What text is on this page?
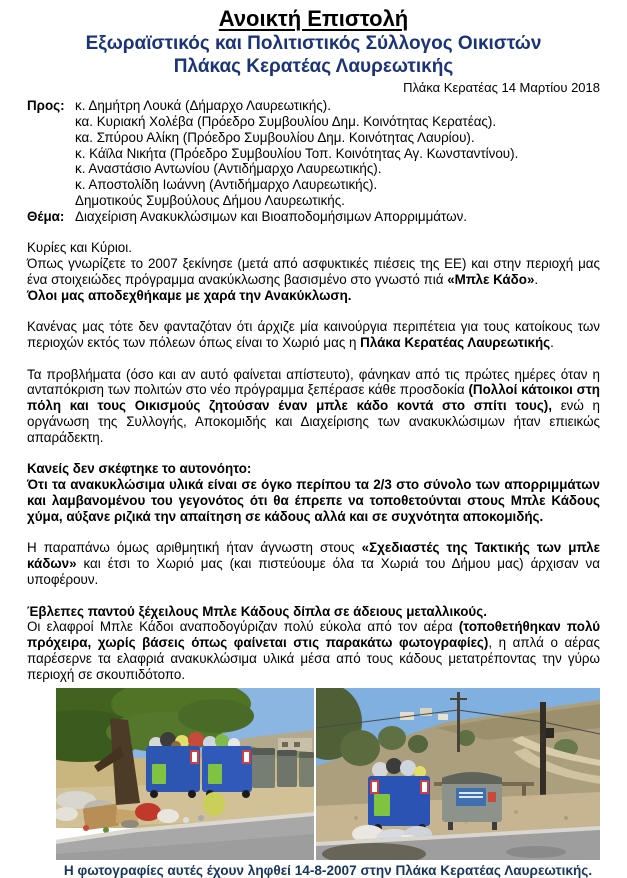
Ανοικτή Επιστολή
Εξωραϊστικός και Πολιτιστικός Σύλλογος Οικιστών
Πλάκας Κερατέας Λαυρεωτικής
Πλάκα Κερατέας 14 Μαρτίου 2018
Προς: κ. Δημήτρη Λουκά (Δήμαρχο Λαυρεωτικής).
κα. Κυριακή Χολέβα (Πρόεδρο Συμβουλίου Δημ. Κοινότητας Κερατέας).
κα. Σπύρου Αλίκη (Πρόεδρο Συμβουλίου Δημ. Κοινότητας Λαυρίου).
κ. Κάϊλα Νικήτα (Πρόεδρο Συμβουλίου Τοπ. Κοινότητας Αγ. Κωνσταντίνου).
κ. Αναστάσιο Αντωνίου (Αντιδήμαρχο Λαυρεωτικής).
κ. Αποστολίδη Ιωάννη (Αντιδήμαρχο Λαυρεωτικής).
Δημοτικούς Συμβούλους Δήμου Λαυρεωτικής.
Θέμα: Διαχείριση Ανακυκλώσιμων και Βιοαποδομήσιμων Απορριμμάτων.

Κυρίες και Κύριοι.
Όπως γνωρίζετε το 2007 ξεκίνησε (μετά από ασφυκτικές πιέσεις της ΕΕ) και στην περιοχή μας ένα στοιχειώδες πρόγραμμα ανακύκλωσης βασισμένο στο γνωστό πιά «Μπλε Κάδο».
Όλοι μας αποδεχθήκαμε με χαρά την Ανακύκλωση.

Κανένας μας τότε δεν φανταζόταν ότι άρχιζε μία καινούργια περιπέτεια για τους κατοίκους των περιοχών εκτός των πόλεων όπως είναι το Χωριό μας η Πλάκα Κερατέας Λαυρεωτικής.

Τα προβλήματα (όσο και αν αυτό φαίνεται απίστευτο), φάνηκαν από τις πρώτες ημέρες όταν η ανταπόκριση των πολιτών στο νέο πρόγραμμα ξεπέρασε κάθε προσδοκία (Πολλοί κάτοικοι στη πόλη και τους Οικισμούς ζητούσαν έναν μπλε κάδο κοντά στο σπίτι τους), ενώ η οργάνωση της Συλλογής, Αποκομιδής και Διαχείρισης των ανακυκλώσιμων ήταν επιεικώς απαράδεκτη.

Κανείς δεν σκέφτηκε το αυτονόητο:
Ότι τα ανακυκλώσιμα υλικά είναι σε όγκο περίπου τα 2/3 στο σύνολο των απορριμμάτων και λαμβανομένου του γεγονότος ότι θα έπρεπε να τοποθετούνται στους Μπλε Κάδους χύμα, αύξανε ριζικά την απαίτηση σε κάδους αλλά και σε συχνότητα αποκομιδής.

Η παραπάνω όμως αριθμητική ήταν άγνωστη στους «Σχεδιαστές της Τακτικής των μπλε κάδων» και έτσι το Χωριό μας (και πιστεύουμε όλα τα Χωριά του Δήμου μας) άρχισαν να υποφέρουν.

Έβλεπες παντού ξέχειλους Μπλε Κάδους δίπλα σε άδειους μεταλλικούς.
Οι ελαφροί Μπλε Κάδοι αναποδογύριζαν πολύ εύκολα από τον αέρα (τοποθετήθηκαν πολύ πρόχειρα, χωρίς βάσεις όπως φαίνεται στις παρακάτω φωτογραφίες), η απλά ο αέρας παρέσερνε τα ελαφριά ανακυκλώσιμα υλικά μέσα από τους κάδους μετατρέποντας την γύρω περιοχή σε σκουπιδότοπο.

Η φωτογραφίες αυτές έχουν ληφθεί 14-8-2007 στην Πλάκα Κερατέας Λαυρεωτικής.
